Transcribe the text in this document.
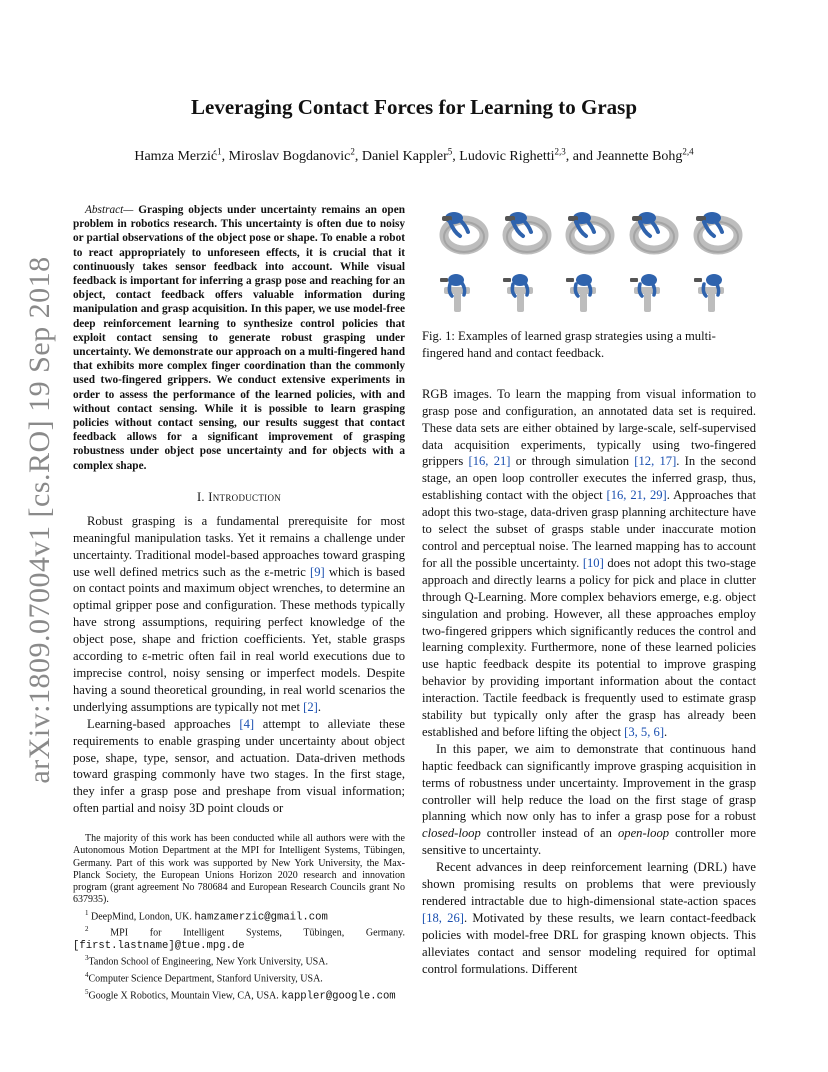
arXiv:1809.07004v1 [cs.RO] 19 Sep 2018
Leveraging Contact Forces for Learning to Grasp
Hamza Merzić$^1$, Miroslav Bogdanovic$^2$, Daniel Kappler$^5$, Ludovic Righetti$^{2,3}$, and Jeannette Bohg$^{2,4}$

Abstract— Grasping objects under uncertainty remains an open problem in robotics research. This uncertainty is often due to noisy or partial observations of the object pose or shape. To enable a robot to react appropriately to unforeseen effects, it is crucial that it continuously takes sensor feedback into account. While visual feedback is important for inferring a grasp pose and reaching for an object, contact feedback offers valuable information during manipulation and grasp acquisition. In this paper, we use model-free deep reinforcement learning to synthesize control policies that exploit contact sensing to generate robust grasping under uncertainty. We demonstrate our approach on a multi-fingered hand that exhibits more complex finger coordination than the commonly used two-fingered grippers. We conduct extensive experiments in order to assess the performance of the learned policies, with and without contact sensing. While it is possible to learn grasping policies without contact sensing, our results suggest that contact feedback allows for a significant improvement of grasping robustness under object pose uncertainty and for objects with a complex shape.

I. Introduction

Robust grasping is a fundamental prerequisite for most meaningful manipulation tasks. Yet it remains a challenge under uncertainty. Traditional model-based approaches toward grasping use well defined metrics such as the ε-metric [9] which is based on contact points and maximum object wrenches, to determine an optimal gripper pose and configuration. These methods typically have strong assumptions, requiring perfect knowledge of the object pose, shape and friction coefficients. Yet, stable grasps according to ε-metric often fail in real world executions due to imprecise control, noisy sensing or imperfect models. Despite having a sound theoretical grounding, in real world scenarios the underlying assumptions are typically not met [2].

Learning-based approaches [4] attempt to alleviate these requirements to enable grasping under uncertainty about object pose, shape, type, sensor, and actuation. Data-driven methods toward grasping commonly have two stages. In the first stage, they infer a grasp pose and preshape from visual information; often partial and noisy 3D point clouds or

The majority of this work has been conducted while all authors were with the Autonomous Motion Department at the MPI for Intelligent Systems, Tübingen, Germany. Part of this work was supported by New York University, the Max-Planck Society, the European Unions Horizon 2020 research and innovation program (grant agreement No 780684 and European Research Councils grant No 637935).

$^1$ DeepMind, London, UK. hamzamerzic@gmail.com

$^2$ MPI for Intelligent Systems, Tübingen, Germany. [first.lastname]@tue.mpg.de

$^3$Tandon School of Engineering, New York University, USA.

$^4$Computer Science Department, Stanford University, USA.

$^5$Google X Robotics, Mountain View, CA, USA. kappler@google.com

Fig. 1: Examples of learned grasp strategies using a multi-fingered hand and contact feedback.

RGB images. To learn the mapping from visual information to grasp pose and configuration, an annotated data set is required. These data sets are either obtained by large-scale, self-supervised data acquisition experiments, typically using two-fingered grippers [16, 21] or through simulation [12, 17]. In the second stage, an open loop controller executes the inferred grasp, thus, establishing contact with the object [16, 21, 29]. Approaches that adopt this two-stage, data-driven grasp planning architecture have to select the subset of grasps stable under inaccurate motion control and perceptual noise. The learned mapping has to account for all the possible uncertainty. [10] does not adopt this two-stage approach and directly learns a policy for pick and place in clutter through Q-Learning. More complex behaviors emerge, e.g. object singulation and probing. However, all these approaches employ two-fingered grippers which significantly reduces the control and learning complexity. Furthermore, none of these learned policies use haptic feedback despite its potential to improve grasping behavior by providing important information about the contact interaction. Tactile feedback is frequently used to estimate grasp stability but typically only after the grasp has already been established and before lifting the object [3, 5, 6].

In this paper, we aim to demonstrate that continuous hand haptic feedback can significantly improve grasping acquisition in terms of robustness under uncertainty. Improvement in the grasp controller will help reduce the load on the first stage of grasp planning which now only has to infer a grasp pose for a robust closed-loop controller instead of an open-loop controller more sensitive to uncertainty.

Recent advances in deep reinforcement learning (DRL) have shown promising results on problems that were previously rendered intractable due to high-dimensional state-action spaces [18, 26]. Motivated by these results, we learn contact-feedback policies with model-free DRL for grasping known objects. This alleviates contact and sensor modeling required for optimal control formulations. Different
